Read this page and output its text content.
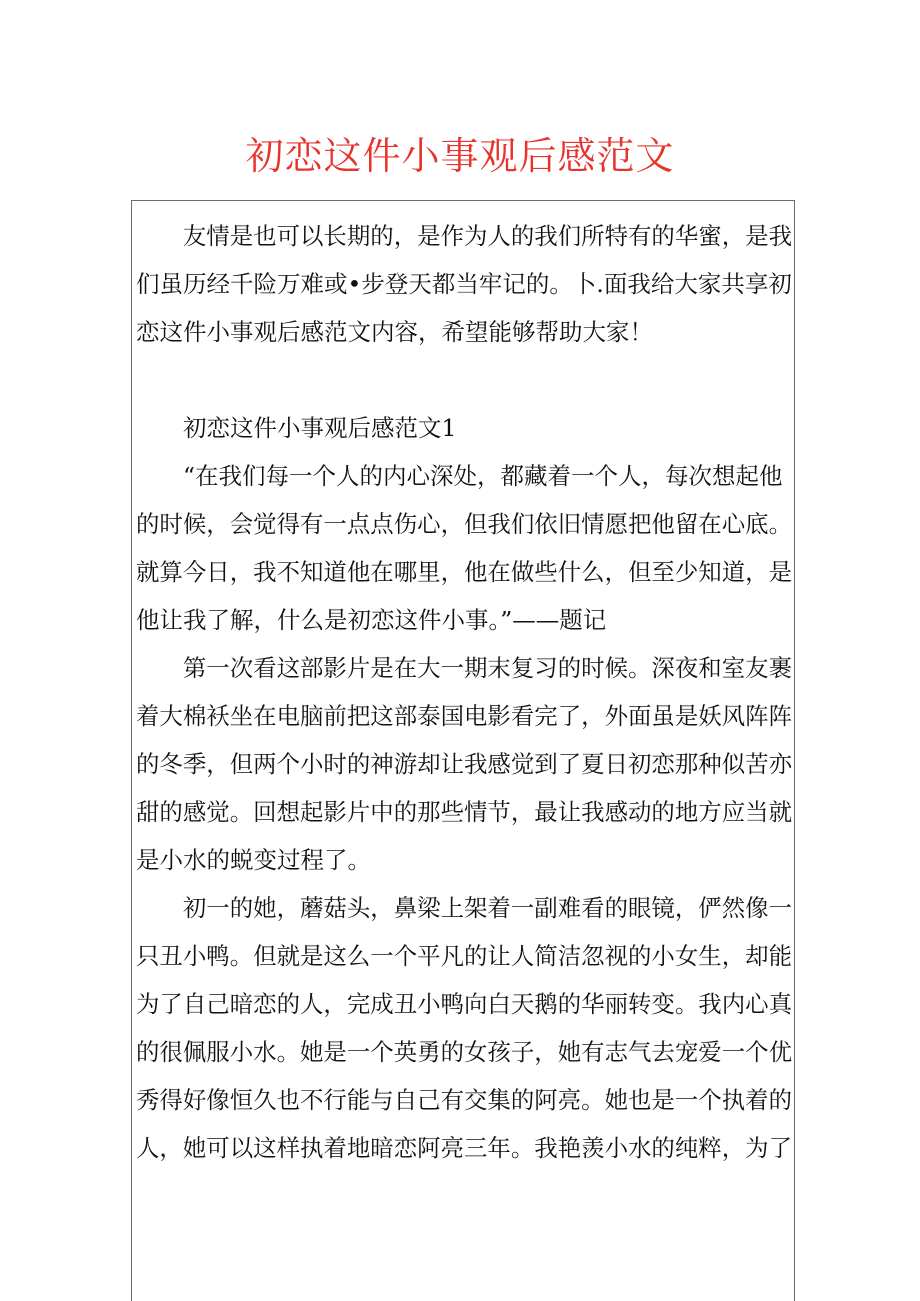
初恋这件小事观后感范文
　　友情是也可以长期的，是作为人的我们所特有的华蜜，是我
们虽历经千险万难或•步登天都当牢记的。卜.面我给大家共享初
恋这件小事观后感范文内容，希望能够帮助大家！
　　初恋这件小事观后感范文1
　　“在我们每一个人的内心深处，都藏着一个人，每次想起他
的时候，会觉得有一点点伤心，但我们依旧情愿把他留在心底。
就算今日，我不知道他在哪里，他在做些什么，但至少知道，是
他让我了解，什么是初恋这件小事。”——题记
　　第一次看这部影片是在大一期末复习的时候。深夜和室友裹
着大棉袄坐在电脑前把这部泰国电影看完了，外面虽是妖风阵阵
的冬季，但两个小时的神游却让我感觉到了夏日初恋那种似苦亦
甜的感觉。回想起影片中的那些情节，最让我感动的地方应当就
是小水的蜕变过程了。
　　初一的她，蘑菇头，鼻梁上架着一副难看的眼镜，俨然像一
只丑小鸭。但就是这么一个平凡的让人简洁忽视的小女生，却能
为了自己暗恋的人，完成丑小鸭向白天鹅的华丽转变。我内心真
的很佩服小水。她是一个英勇的女孩子，她有志气去宠爱一个优
秀得好像恒久也不行能与自己有交集的阿亮。她也是一个执着的
人，她可以这样执着地暗恋阿亮三年。我艳羡小水的纯粹，为了
